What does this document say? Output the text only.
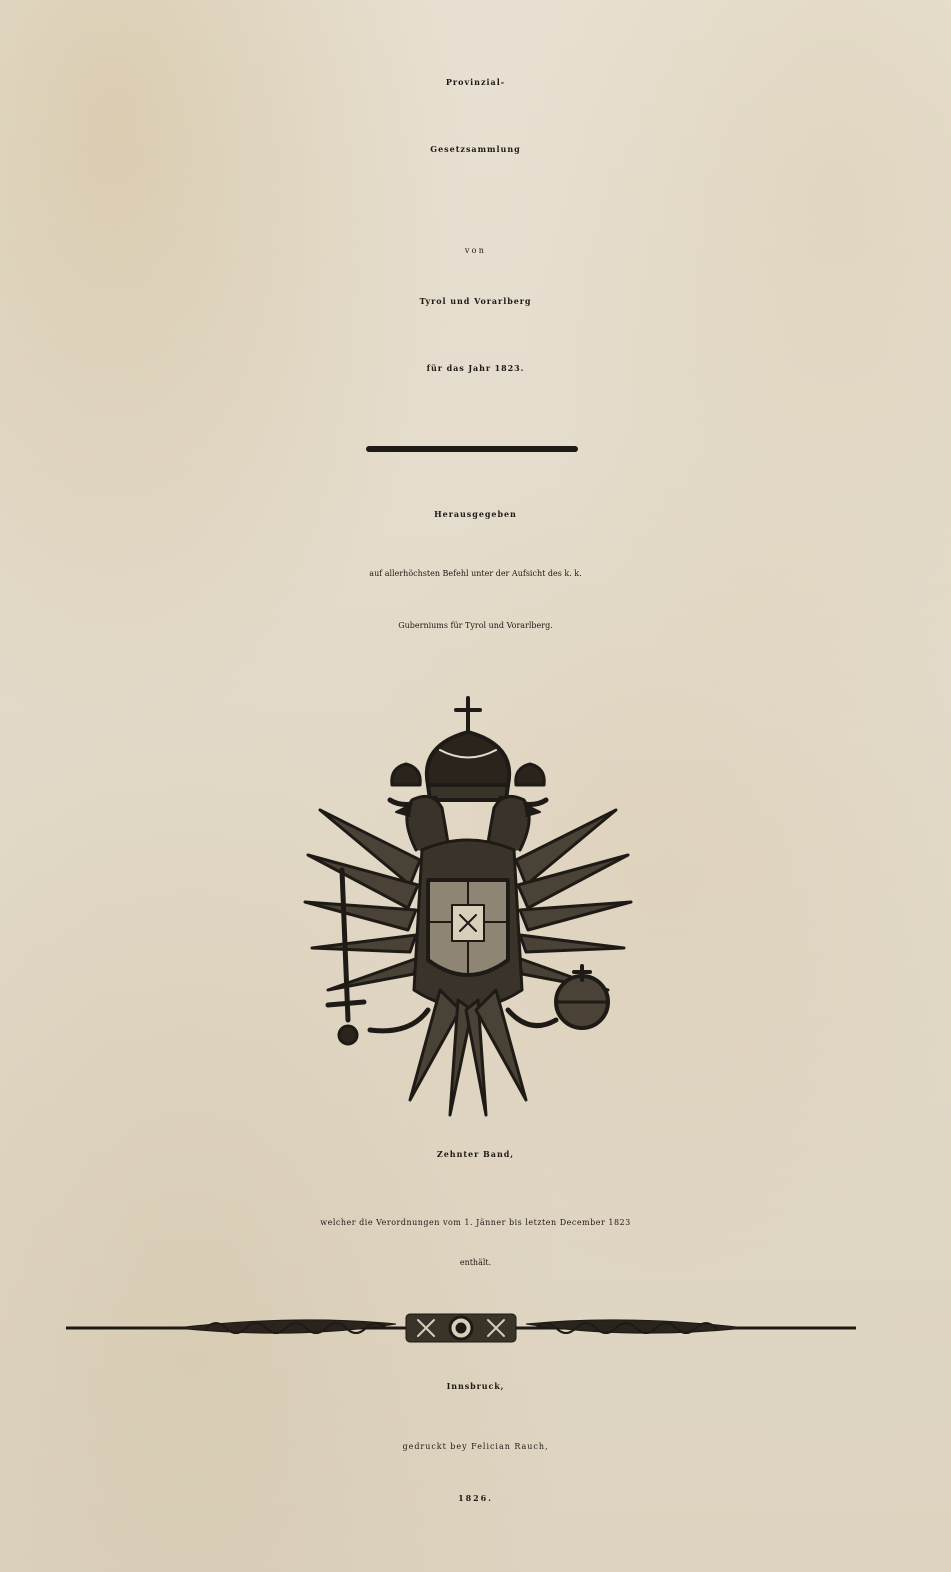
Provinzial-
Gesetzsammlung
von
Tyrol und Vorarlberg
für das Jahr 1823.
Herausgegeben
auf allerhöchsten Befehl unter der Aufsicht des k. k.
Guberniums für Tyrol und Vorarlberg.
Zehnter Band,
welcher die Verordnungen vom 1. Jänner bis letzten December 1823
enthält.
Innsbruck,
gedruckt bey Felician Rauch,
1826.
